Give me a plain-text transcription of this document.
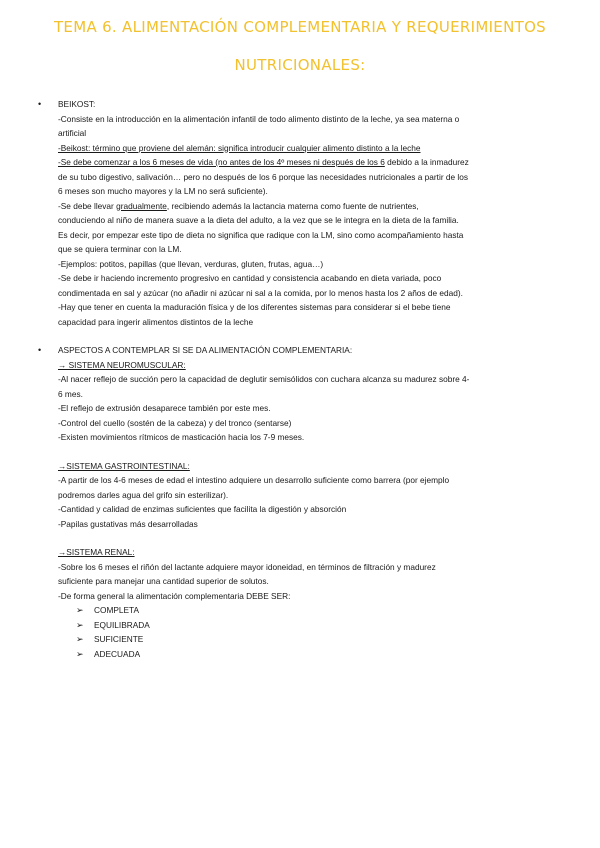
TEMA 6. ALIMENTACIÓN COMPLEMENTARIA Y REQUERIMIENTOS
NUTRICIONALES:
•	BEIKOST:

-Consiste en la introducción en la alimentación infantil de todo alimento distinto de la leche, ya sea materna o

artificial

-Beikost: término que proviene del alemán: significa introducir cualquier alimento distinto a la leche

-Se debe comenzar a los 6 meses de vida (no antes de los 4º meses ni después de los 6 debido a la inmadurez

de su tubo digestivo, salivación… pero no después de los 6 porque las necesidades nutricionales a partir de los

6 meses son mucho mayores y la LM no será suficiente).

-Se debe llevar gradualmente, recibiendo además la lactancia materna como fuente de nutrientes,

conduciendo al niño de manera suave a la dieta del adulto, a la vez que se le integra en la dieta de la familia.

Es decir, por empezar este tipo de dieta no significa que radique con la LM, sino como acompañamiento hasta

que se quiera terminar con la LM.

-Ejemplos: potitos, papillas (que llevan, verduras, gluten, frutas, agua…)

-Se debe ir haciendo incremento progresivo en cantidad y consistencia acabando en dieta variada, poco

condimentada en sal y azúcar (no añadir ni azúcar ni sal a la comida, por lo menos hasta los 2 años de edad).

-Hay que tener en cuenta la maduración física y de los diferentes sistemas para considerar si el bebe tiene

capacidad para ingerir alimentos distintos de la leche

•	ASPECTOS A CONTEMPLAR SI SE DA ALIMENTACIÓN COMPLEMENTARIA:

→ SISTEMA NEUROMUSCULAR:

-Al nacer reflejo de succión pero la capacidad de deglutir semisólidos con cuchara alcanza su madurez sobre 4-

6 mes.

-El reflejo de extrusión desaparece también por este mes.

-Control del cuello (sostén de la cabeza) y del tronco (sentarse)

-Existen movimientos rítmicos de masticación hacia los 7-9 meses.

→SISTEMA GASTROINTESTINAL:

-A partir de los 4-6 meses de edad el intestino adquiere un desarrollo suficiente como barrera (por ejemplo

podremos darles agua del grifo sin esterilizar).

-Cantidad y calidad de enzimas suficientes que facilita la digestión y absorción

-Papilas gustativas más desarrolladas

→SISTEMA RENAL:

-Sobre los 6 meses el riñón del lactante adquiere mayor idoneidad, en términos de filtración y madurez

suficiente para manejar una cantidad superior de solutos.

-De forma general la alimentación complementaria DEBE SER:

➢ COMPLETA
➢ EQUILIBRADA
➢ SUFICIENTE
➢ ADECUADA
